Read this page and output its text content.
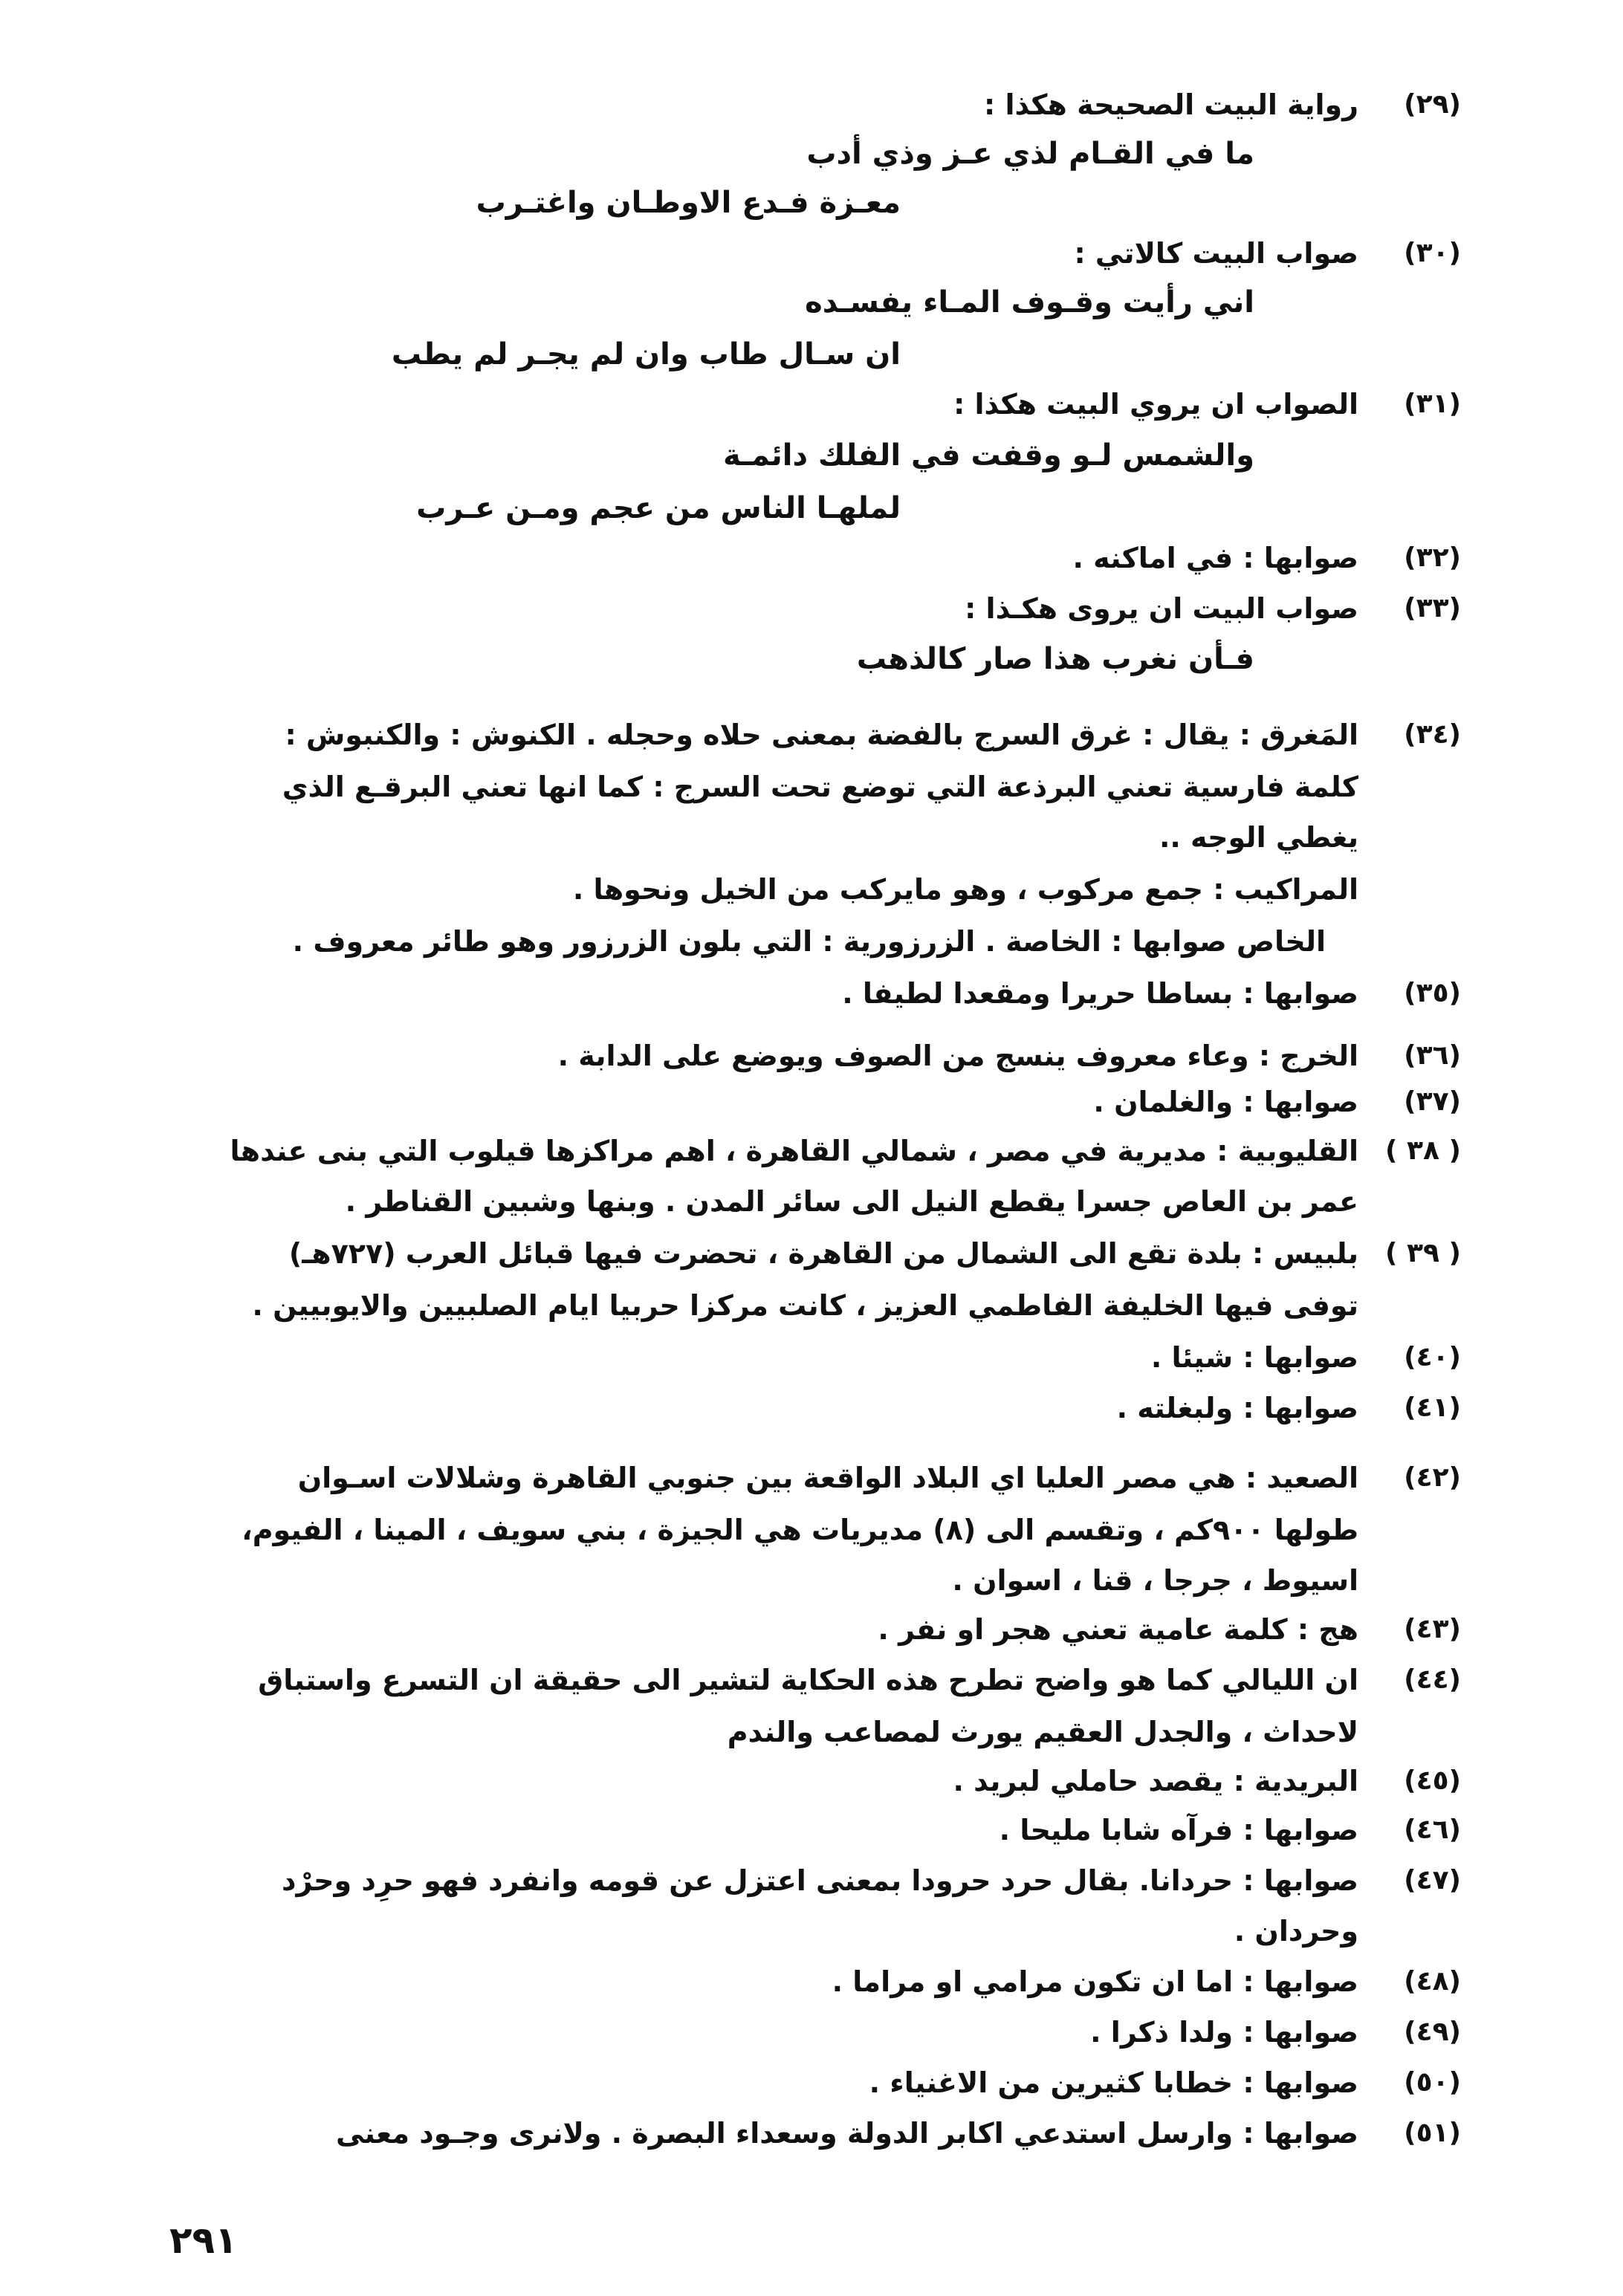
(٢٩)
رواية البيت الصحيحة هكذا :
ما في القـام لذي عـز وذي أدب
معـزة فـدع الاوطـان واغتـرب
(٣٠)
صواب البيت كالاتي :
اني رأيت وقـوف المـاء يفسـده
ان سـال طاب وان لم يجـر لم يطب
(٣١)
الصواب ان يروي البيت هكذا :
والشمس لـو وقفت في الفلك دائمـة
لملهـا الناس من عجم ومـن عـرب
(٣٢)
صوابها : في اماكنه .
(٣٣)
صواب البيت ان يروى هكـذا :
فـأن نغرب هذا صار كالذهب
(٣٤)
المَغرق : يقال : غرق السرج بالفضة بمعنى حلاه وحجله . الكنوش : والكنبوش :
كلمة فارسية تعني البرذعة التي توضع تحت السرج : كما انها تعني البرقـع الذي
يغطي الوجه ..
المراكيب : جمع مركوب ، وهو مايركب من الخيل ونحوها .
الخاص صوابها : الخاصة . الزرزورية : التي بلون الزرزور وهو طائر معروف .
(٣٥)
صوابها : بساطا حريرا ومقعدا لطيفا .
(٣٦)
الخرج : وعاء معروف ينسج من الصوف ويوضع على الدابة .
(٣٧)
صوابها : والغلمان .
( ٣٨ )
القليوبية : مديرية في مصر ، شمالي القاهرة ، اهم مراكزها قيلوب التي بنى عندها
عمر بن العاص جسرا يقطع النيل الى سائر المدن . وبنها وشبين القناطر .
( ٣٩ )
بلبيس : بلدة تقع الى الشمال من القاهرة ، تحضرت فيها قبائل العرب (٧٢٧هـ)
توفى فيها الخليفة الفاطمي العزيز ، كانت مركزا حربيا ايام الصلبيين والايوبيين .
(٤٠)
صوابها : شيئا .
(٤١)
صوابها : ولبغلته .
(٤٢)
الصعيد : هي مصر العليا اي البلاد الواقعة بين جنوبي القاهرة وشلالات اسـوان
طولها ٩٠٠كم ، وتقسم الى (٨) مديريات هي الجيزة ، بني سويف ، المينا ، الفيوم،
اسيوط ، جرجا ، قنا ، اسوان .
(٤٣)
هج : كلمة عامية تعني هجر او نفر .
(٤٤)
ان الليالي كما هو واضح تطرح هذه الحكاية لتشير الى حقيقة ان التسرع واستباق
لاحداث ، والجدل العقيم يورث لمصاعب والندم
(٤٥)
البريدية : يقصد حاملي لبريد .
(٤٦)
صوابها : فرآه شابا مليحا .
(٤٧)
صوابها : حردانا. بقال حرد حرودا بمعنى اعتزل عن قومه وانفرد فهو حرِد وحرْد
وحردان .
(٤٨)
صوابها : اما ان تكون مرامي او مراما .
(٤٩)
صوابها : ولدا ذكرا .
(٥٠)
صوابها : خطابا كثيرين من الاغنياء .
(٥١)
صوابها : وارسل استدعي اكابر الدولة وسعداء البصرة . ولانرى وجـود معنى
٢٩١
